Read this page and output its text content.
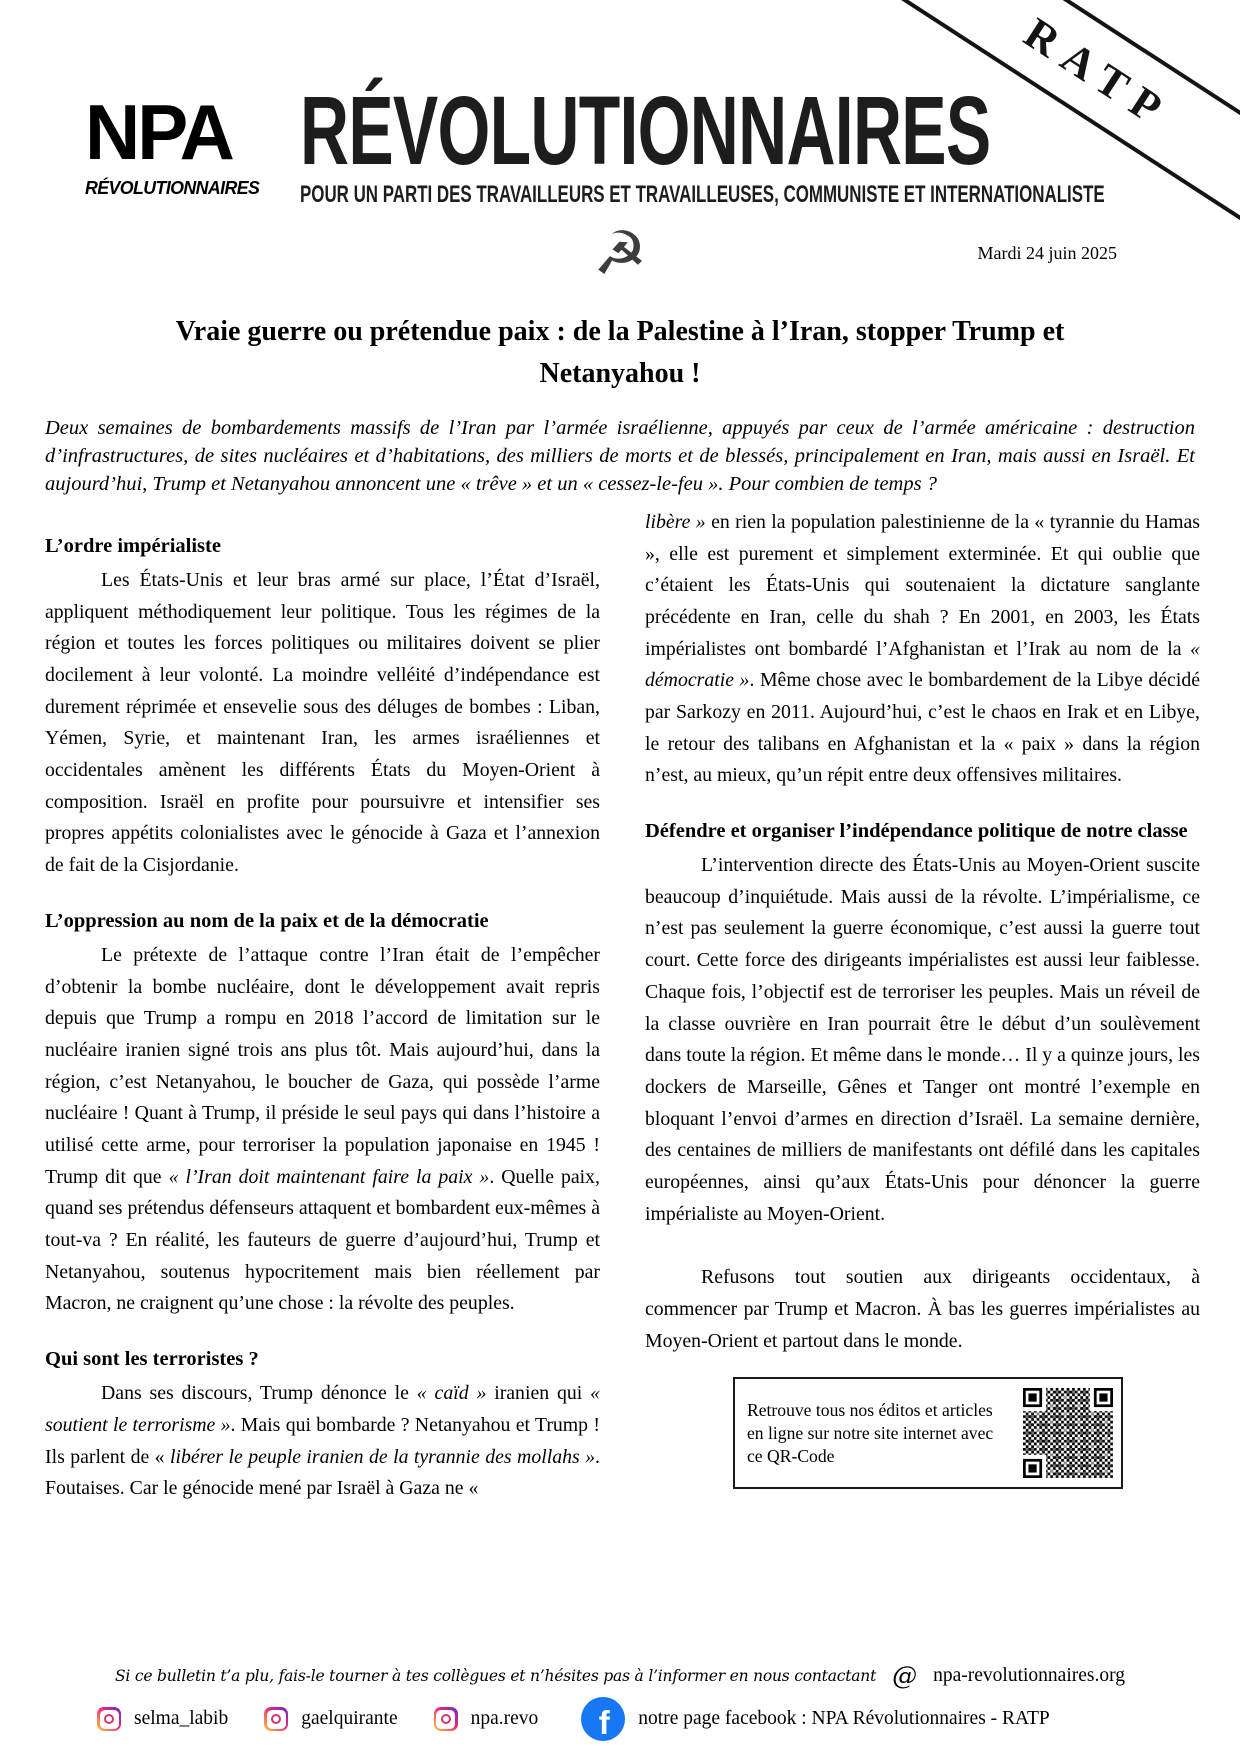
RATP
NPA
RÉVOLUTIONNAIRES
RÉVOLUTIONNAIRES
POUR UN PARTI DES TRAVAILLEURS ET TRAVAILLEUSES, COMMUNISTE ET INTERNATIONALISTE
☭	Mardi 24 juin 2025
Vraie guerre ou prétendue paix : de la Palestine à l’Iran, stopper Trump et Netanyahou !

Deux semaines de bombardements massifs de l’Iran par l’armée israélienne, appuyés par ceux de l’armée américaine : destruction d’infrastructures, de sites nucléaires et d’habitations, des milliers de morts et de blessés, principalement en Iran, mais aussi en Israël. Et aujourd’hui, Trump et Netanyahou annoncent une « trêve » et un « cessez-le-feu ». Pour combien de temps ?

L’ordre impérialiste

Les États-Unis et leur bras armé sur place, l’État d’Israël, appliquent méthodiquement leur politique. Tous les régimes de la région et toutes les forces politiques ou militaires doivent se plier docilement à leur volonté. La moindre velléité d’indépendance est durement réprimée et ensevelie sous des déluges de bombes : Liban, Yémen, Syrie, et maintenant Iran, les armes israéliennes et occidentales amènent les différents États du Moyen-Orient à composition. Israël en profite pour poursuivre et intensifier ses propres appétits colonialistes avec le génocide à Gaza et l’annexion de fait de la Cisjordanie.

L’oppression au nom de la paix et de la démocratie

Le prétexte de l’attaque contre l’Iran était de l’empêcher d’obtenir la bombe nucléaire, dont le développement avait repris depuis que Trump a rompu en 2018 l’accord de limitation sur le nucléaire iranien signé trois ans plus tôt. Mais aujourd’hui, dans la région, c’est Netanyahou, le boucher de Gaza, qui possède l’arme nucléaire ! Quant à Trump, il préside le seul pays qui dans l’histoire a utilisé cette arme, pour terroriser la population japonaise en 1945 ! Trump dit que « l’Iran doit maintenant faire la paix ». Quelle paix, quand ses prétendus défenseurs attaquent et bombardent eux-mêmes à tout-va ? En réalité, les fauteurs de guerre d’aujourd’hui, Trump et Netanyahou, soutenus hypocritement mais bien réellement par Macron, ne craignent qu’une chose : la révolte des peuples.

Qui sont les terroristes ?

Dans ses discours, Trump dénonce le « caïd » iranien qui « soutient le terrorisme ». Mais qui bombarde ? Netanyahou et Trump ! Ils parlent de « libérer le peuple iranien de la tyrannie des mollahs ». Foutaises. Car le génocide mené par Israël à Gaza ne «

libère » en rien la population palestinienne de la « tyrannie du Hamas », elle est purement et simplement exterminée. Et qui oublie que c’étaient les États-Unis qui soutenaient la dictature sanglante précédente en Iran, celle du shah ? En 2001, en 2003, les États impérialistes ont bombardé l’Afghanistan et l’Irak au nom de la « démocratie ». Même chose avec le bombardement de la Libye décidé par Sarkozy en 2011. Aujourd’hui, c’est le chaos en Irak et en Libye, le retour des talibans en Afghanistan et la « paix » dans la région n’est, au mieux, qu’un répit entre deux offensives militaires.

Défendre et organiser l’indépendance politique de notre classe

L’intervention directe des États-Unis au Moyen-Orient suscite beaucoup d’inquiétude. Mais aussi de la révolte. L’impérialisme, ce n’est pas seulement la guerre économique, c’est aussi la guerre tout court. Cette force des dirigeants impérialistes est aussi leur faiblesse. Chaque fois, l’objectif est de terroriser les peuples. Mais un réveil de la classe ouvrière en Iran pourrait être le début d’un soulèvement dans toute la région. Et même dans le monde… Il y a quinze jours, les dockers de Marseille, Gênes et Tanger ont montré l’exemple en bloquant l’envoi d’armes en direction d’Israël. La semaine dernière, des centaines de milliers de manifestants ont défilé dans les capitales européennes, ainsi qu’aux États-Unis pour dénoncer la guerre impérialiste au Moyen-Orient.

Refusons tout soutien aux dirigeants occidentaux, à commencer par Trump et Macron. À bas les guerres impérialistes au Moyen-Orient et partout dans le monde.

Retrouve tous nos éditos et articles en ligne sur notre site internet avec ce QR-Code

Si ce bulletin t’a plu, fais-le tourner à tes collègues et n’hésites pas à l’informer en nous contactant @ npa-revolutionnaires.org
selma_labib	gaelquirante	npa.revo f	notre page facebook : NPA Révolutionnaires - RATP
